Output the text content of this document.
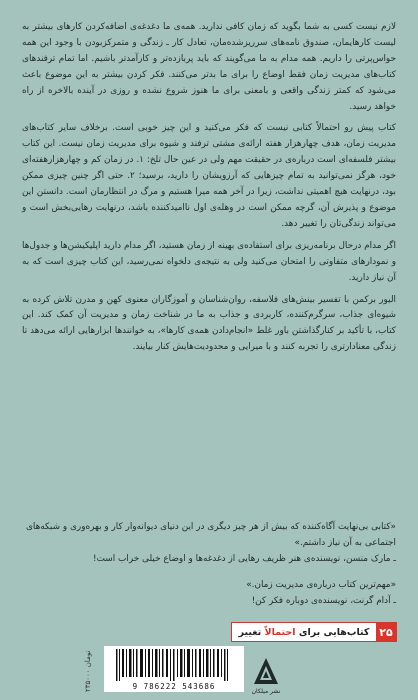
لازم نیست کسی به شما بگوید که زمان کافی ندارید. همه‌ی ما دغدغه‌ی اضافه‌کردن کارهای بیشتر به لیست کارهایمان، صندوق نامه‌های سرریزشده‌مان، تعادل کار ـ زندگی و متمرکزبودن با وجود این همه حواس‌پرتی را داریم. همه مدام به ما می‌گویند که باید پربازده‌تر و کارآمدتر باشیم. اما تمام ترفندهای کتاب‌های مدیریت زمان فقط اوضاع را برای ما بدتر می‌کنند. فکر کردن بیشتر به این موضوع باعث می‌شود که کمتر زندگی واقعی و بامعنی برای ما هنوز شروع نشده و روزی در آینده بالاخره از راه خواهد رسید.

کتاب پیش رو احتمالاً کتابی نیست که فکر می‌کنید و این چیز خوبی است. برخلاف سایر کتاب‌های مدیریت زمان، هدف چهارهزار هفته ارائه‌ی مشتی ترفند و شیوه برای مدیریت زمان نیست. این کتاب بیشتر فلسفه‌ای است درباره‌ی در حقیقت مهم ولی در عین حال تلخ: ۱. در زمان کم و چهارهزارهفته‌ای خود، هرگز نمی‌توانید به تمام چیزهایی که آرزویشان را دارید، برسید؛ ۲. حتی اگر چنین چیزی ممکن بود، درنهایت هیچ اهمیتی نداشت، زیرا در آخر همه میرا هستیم و مرگ در انتظارمان است. دانستن این موضوع و پذیرش آن، گرچه ممکن است در وهله‌ی اول ناامیدکننده باشد، درنهایت رهایی‌بخش است و می‌تواند زندگی‌تان را تغییر دهد.

اگر مدام درحال برنامه‌ریزی برای استفاده‌ی بهینه از زمان هستید، اگر مدام دارید اپلیکیشن‌ها و جدول‌ها و نمودارهای متفاوتی را امتحان می‌کنید ولی به نتیجه‌ی دلخواه نمی‌رسید، این کتاب چیزی است که به آن نیاز دارید.

الیور برکمن با تفسیر بینش‌های فلاسفه، روان‌شناسان و آموزگاران معنوی کهن و مدرن تلاش کرده به شیوه‌ای جذاب، سرگرم‌کننده، کاربردی و جذاب به ما در شناخت زمان و مدیریت آن کمک کند. این کتاب، با تأکید بر کنارگذاشتن باور غلط «انجام‌دادن همه‌ی کارها»، به خوانندها ابزارهایی ارائه می‌دهد تا زندگی معنادارتری را تجربه کنند و با میرایی و محدودیت‌هایش کنار بیایند.

«کتابی بی‌نهایت آگاه‌کننده که بیش از هر چیز دیگری در این دنیای دیوانه‌وار کار و بهره‌وری و شبکه‌های اجتماعی به آن نیاز داشتم.»
ـ مارک منسن، نویسنده‌ی هنر ظریف رهایی از دغدغه‌ها و اوضاع خیلی خراب است!
«مهم‌ترین کتاب درباره‌ی مدیریت زمان.»
ـ آدام گرنت، نویسنده‌ی دوباره فکر کن!
۲۵
کتاب‌هایی برای احتمالاً تغییر
۲۳۵۰۰۰ تومان
9 786222 543686
نشر میلکان
